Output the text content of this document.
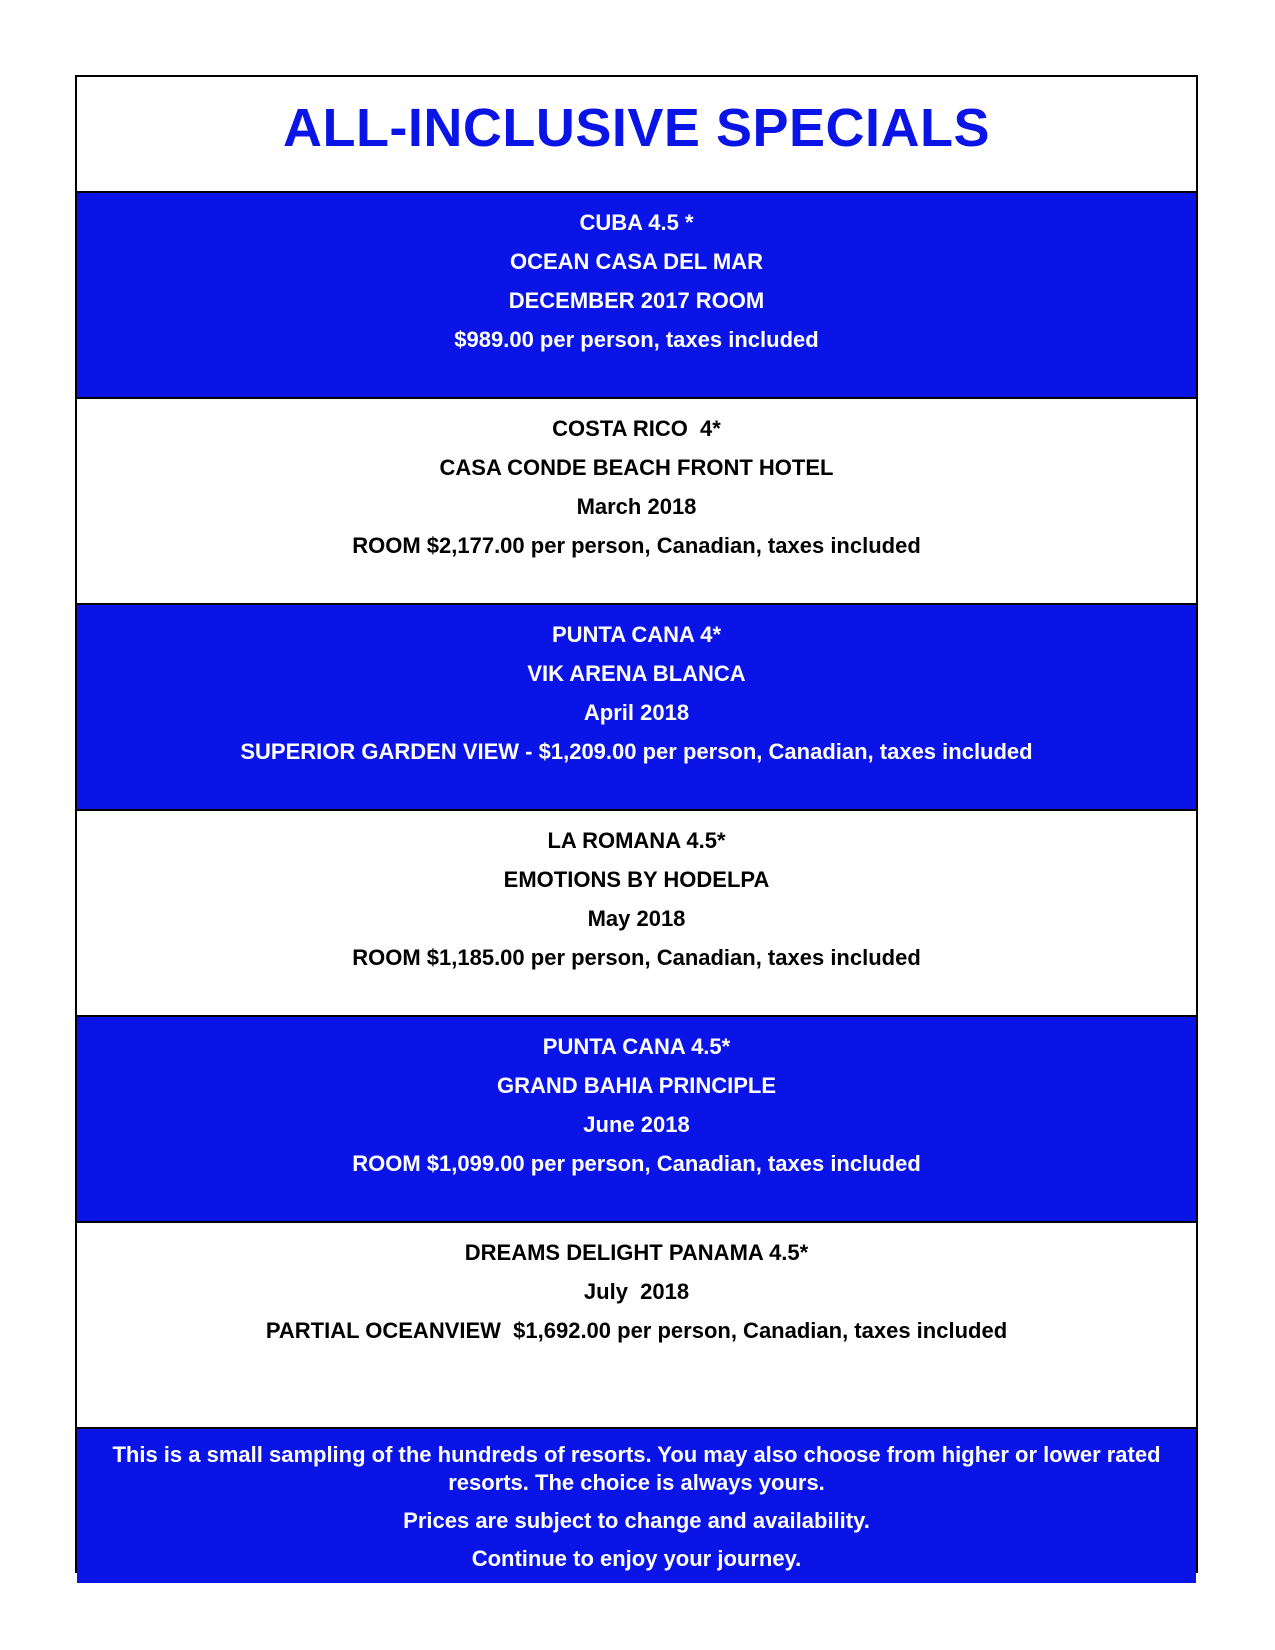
ALL-INCLUSIVE SPECIALS
CUBA 4.5 *
OCEAN CASA DEL MAR
DECEMBER 2017 ROOM
$989.00 per person, taxes included
COSTA RICO  4*
CASA CONDE BEACH FRONT HOTEL
March 2018
ROOM $2,177.00 per person, Canadian, taxes included
PUNTA CANA 4*
VIK ARENA BLANCA
April 2018
SUPERIOR GARDEN VIEW - $1,209.00 per person, Canadian, taxes included
LA ROMANA 4.5*
EMOTIONS BY HODELPA
May 2018
ROOM $1,185.00 per person, Canadian, taxes included
PUNTA CANA 4.5*
GRAND BAHIA PRINCIPLE
June 2018
ROOM $1,099.00 per person, Canadian, taxes included
DREAMS DELIGHT PANAMA 4.5*
July  2018
PARTIAL OCEANVIEW  $1,692.00 per person, Canadian, taxes included
This is a small sampling of the hundreds of resorts. You may also choose from higher or lower rated resorts. The choice is always yours.
Prices are subject to change and availability.
Continue to enjoy your journey.
